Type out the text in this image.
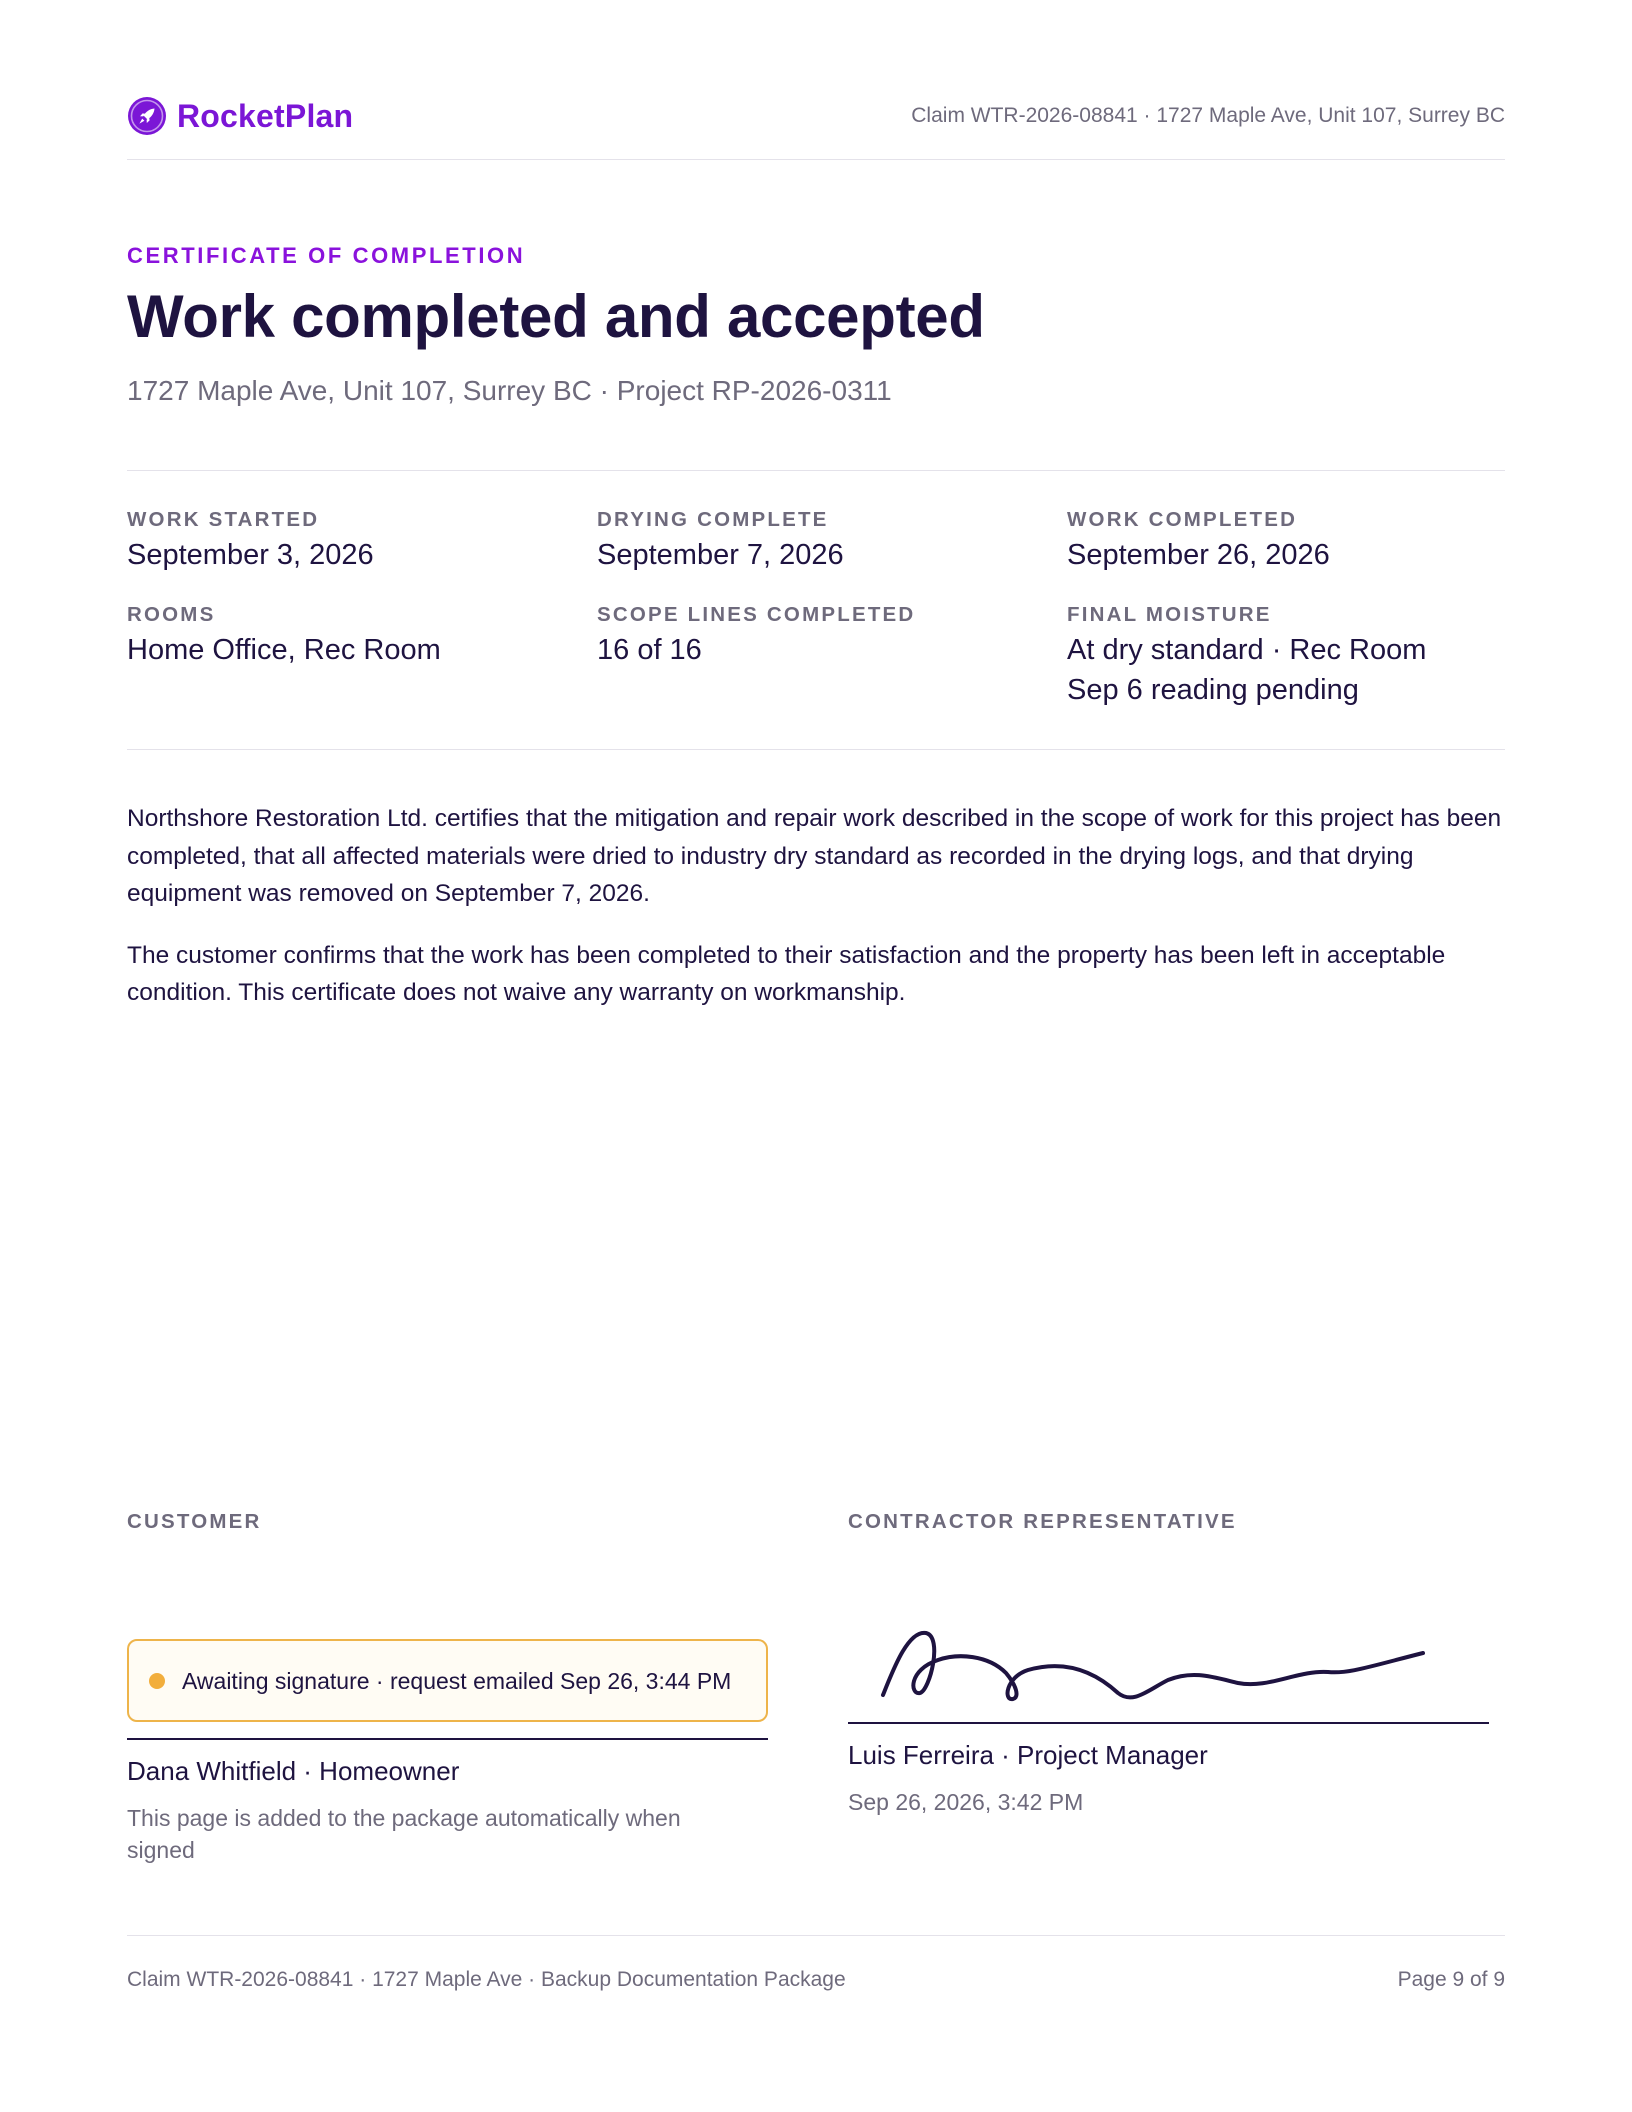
RocketPlan	Claim WTR-2026-08841 · 1727 Maple Ave, Unit 107, Surrey BC
CERTIFICATE OF COMPLETION
Work completed and accepted
1727 Maple Ave, Unit 107, Surrey BC · Project RP-2026-0311
WORK STARTED
September 3, 2026
DRYING COMPLETE
September 7, 2026
WORK COMPLETED
September 26, 2026
ROOMS
Home Office, Rec Room
SCOPE LINES COMPLETED
16 of 16
FINAL MOISTURE
At dry standard · Rec Room Sep 6 reading pending

Northshore Restoration Ltd. certifies that the mitigation and repair work described in the scope of work for this project has been completed, that all affected materials were dried to industry dry standard as recorded in the drying logs, and that drying equipment was removed on September 7, 2026.

The customer confirms that the work has been completed to their satisfaction and the property has been left in acceptable condition. This certificate does not waive any warranty on workmanship.

CUSTOMER
Awaiting signature · request emailed Sep 26, 3:44 PM
Dana Whitfield · Homeowner
This page is added to the package automatically when signed
CONTRACTOR REPRESENTATIVE
Luis Ferreira · Project Manager
Sep 26, 2026, 3:42 PM
Claim WTR-2026-08841 · 1727 Maple Ave · Backup Documentation Package	Page 9 of 9
